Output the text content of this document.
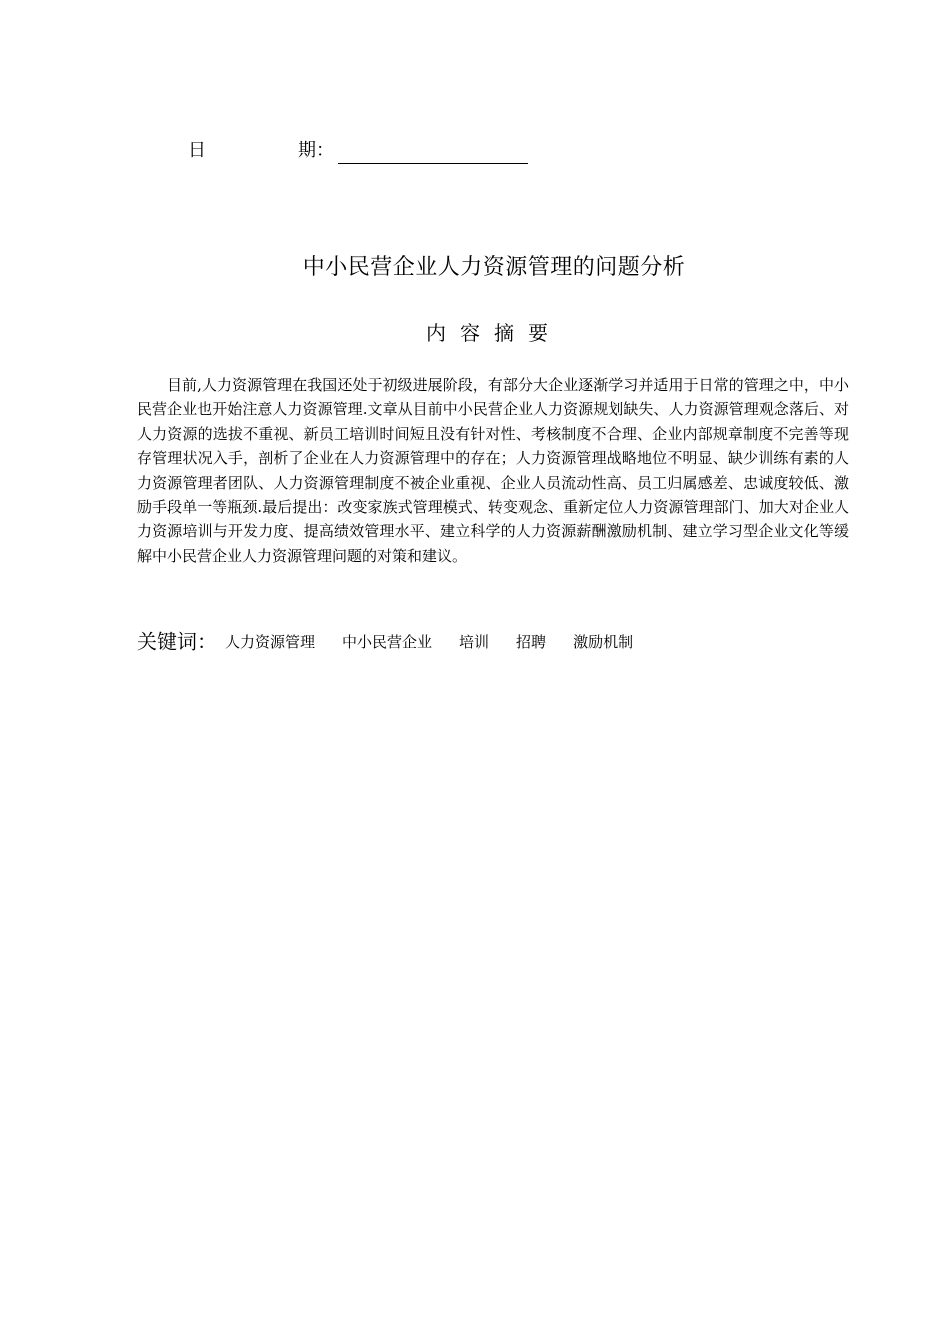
日	期：
中小民营企业人力资源管理的问题分析
内容摘要

目前,人力资源管理在我国还处于初级进展阶段，有部分大企业逐渐学习并适用于日常的管理之中，中小民营企业也开始注意人力资源管理.文章从目前中小民营企业人力资源规划缺失、人力资源管理观念落后、对人力资源的选拔不重视、新员工培训时间短且没有针对性、考核制度不合理、企业内部规章制度不完善等现存管理状况入手，剖析了企业在人力资源管理中的存在；人力资源管理战略地位不明显、缺少训练有素的人力资源管理者团队、人力资源管理制度不被企业重视、企业人员流动性高、员工归属感差、忠诚度较低、激励手段单一等瓶颈.最后提出：改变家族式管理模式、转变观念、重新定位人力资源管理部门、加大对企业人力资源培训与开发力度、提高绩效管理水平、建立科学的人力资源薪酬激励机制、建立学习型企业文化等缓解中小民营企业人力资源管理问题的对策和建议。

关键词： 人力资源管理 中小民营企业 培训 招聘 激励机制
